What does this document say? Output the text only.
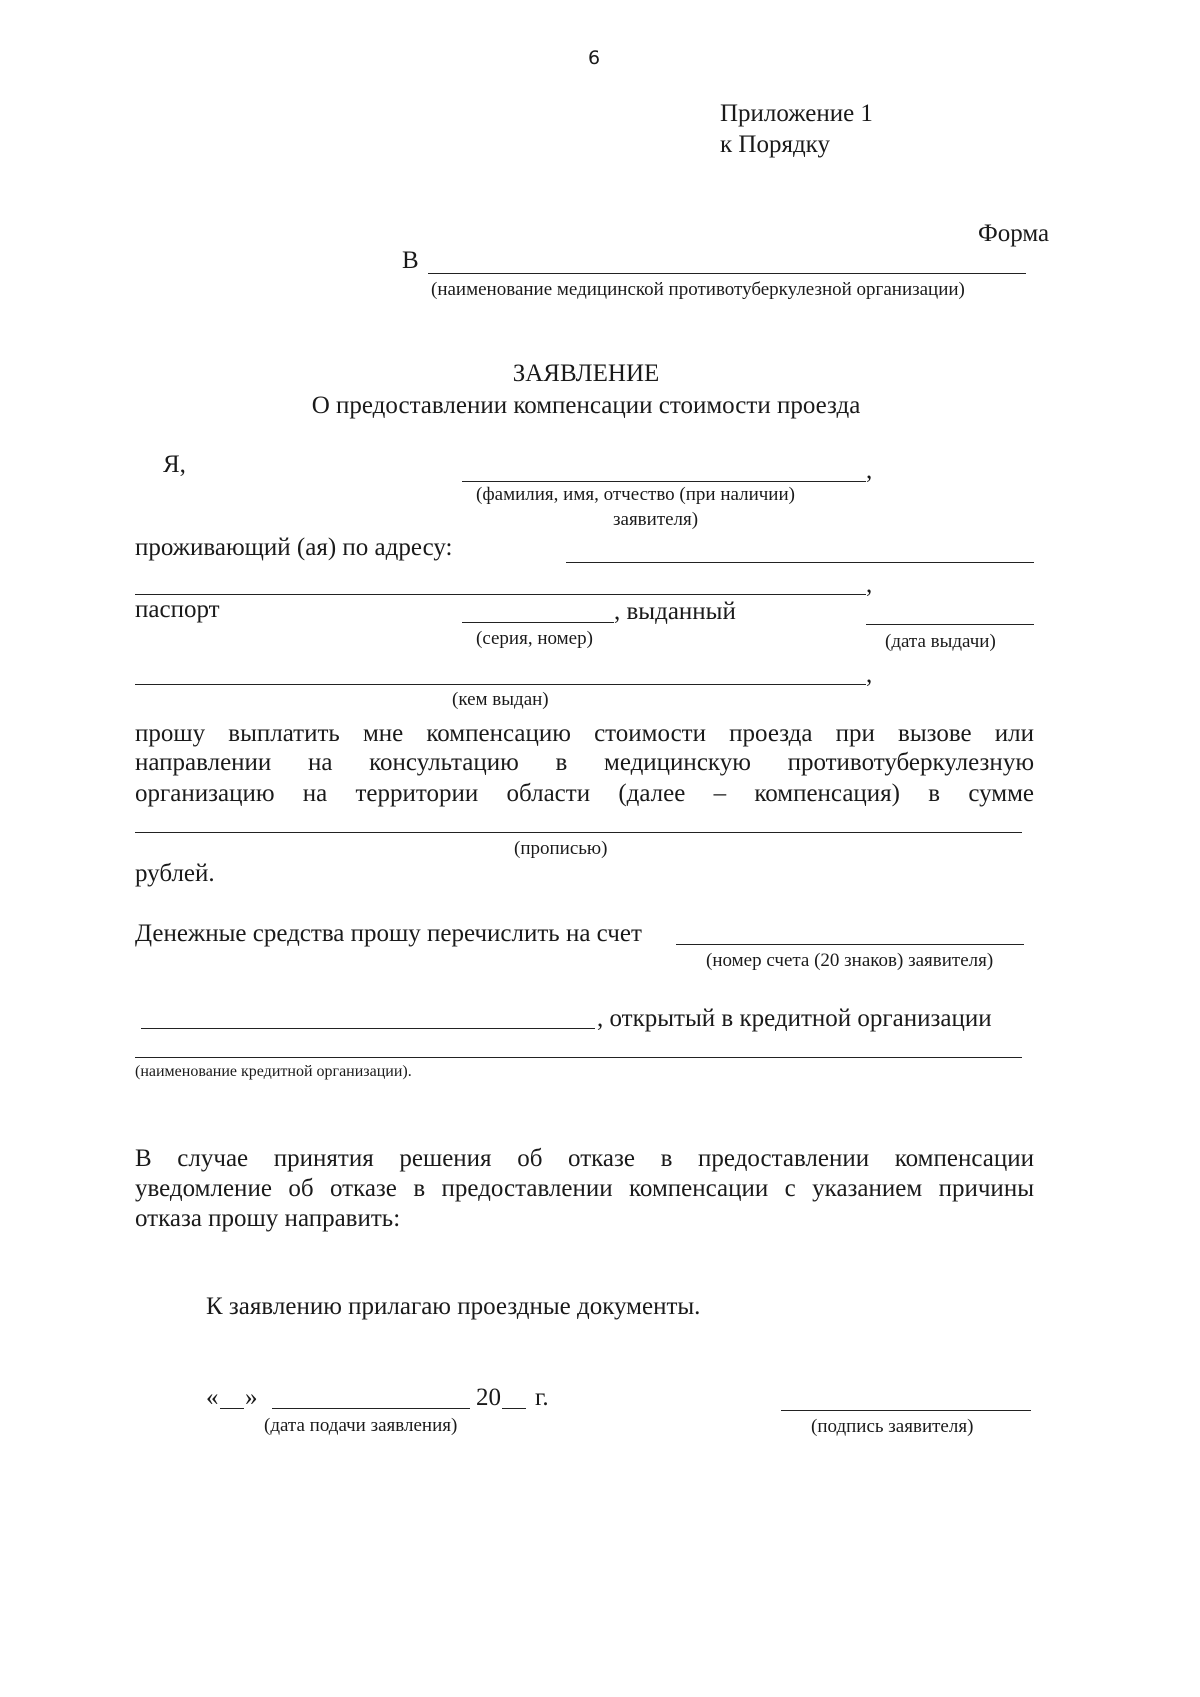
6
Приложение 1
к Порядку
Форма
В
(наименование медицинской противотуберкулезной организации)
ЗАЯВЛЕНИЕ
О предоставлении компенсации стоимости проезда
Я,	,
(фамилия, имя, отчество (при наличии)
заявителя)
проживающий (ая) по адресу:
,
паспорт	, выданный
(серия, номер)	(дата выдачи)
,
(кем выдан)
прошу выплатить мне компенсацию стоимости проезда при вызове или
направлении на консультацию в медицинскую противотуберкулезную
организацию на территории области (далее – компенсация) в сумме
(прописью)
рублей.
Денежные средства прошу перечислить на счет
(номер счета (20 знаков) заявителя)
, открытый в кредитной организации
(наименование кредитной организации).
В случае принятия решения об отказе в предоставлении компенсации
уведомление об отказе в предоставлении компенсации с указанием причины
отказа прошу направить:
К заявлению прилагаю проездные документы.
« »	20 г.
(дата подачи заявления)	(подпись заявителя)
